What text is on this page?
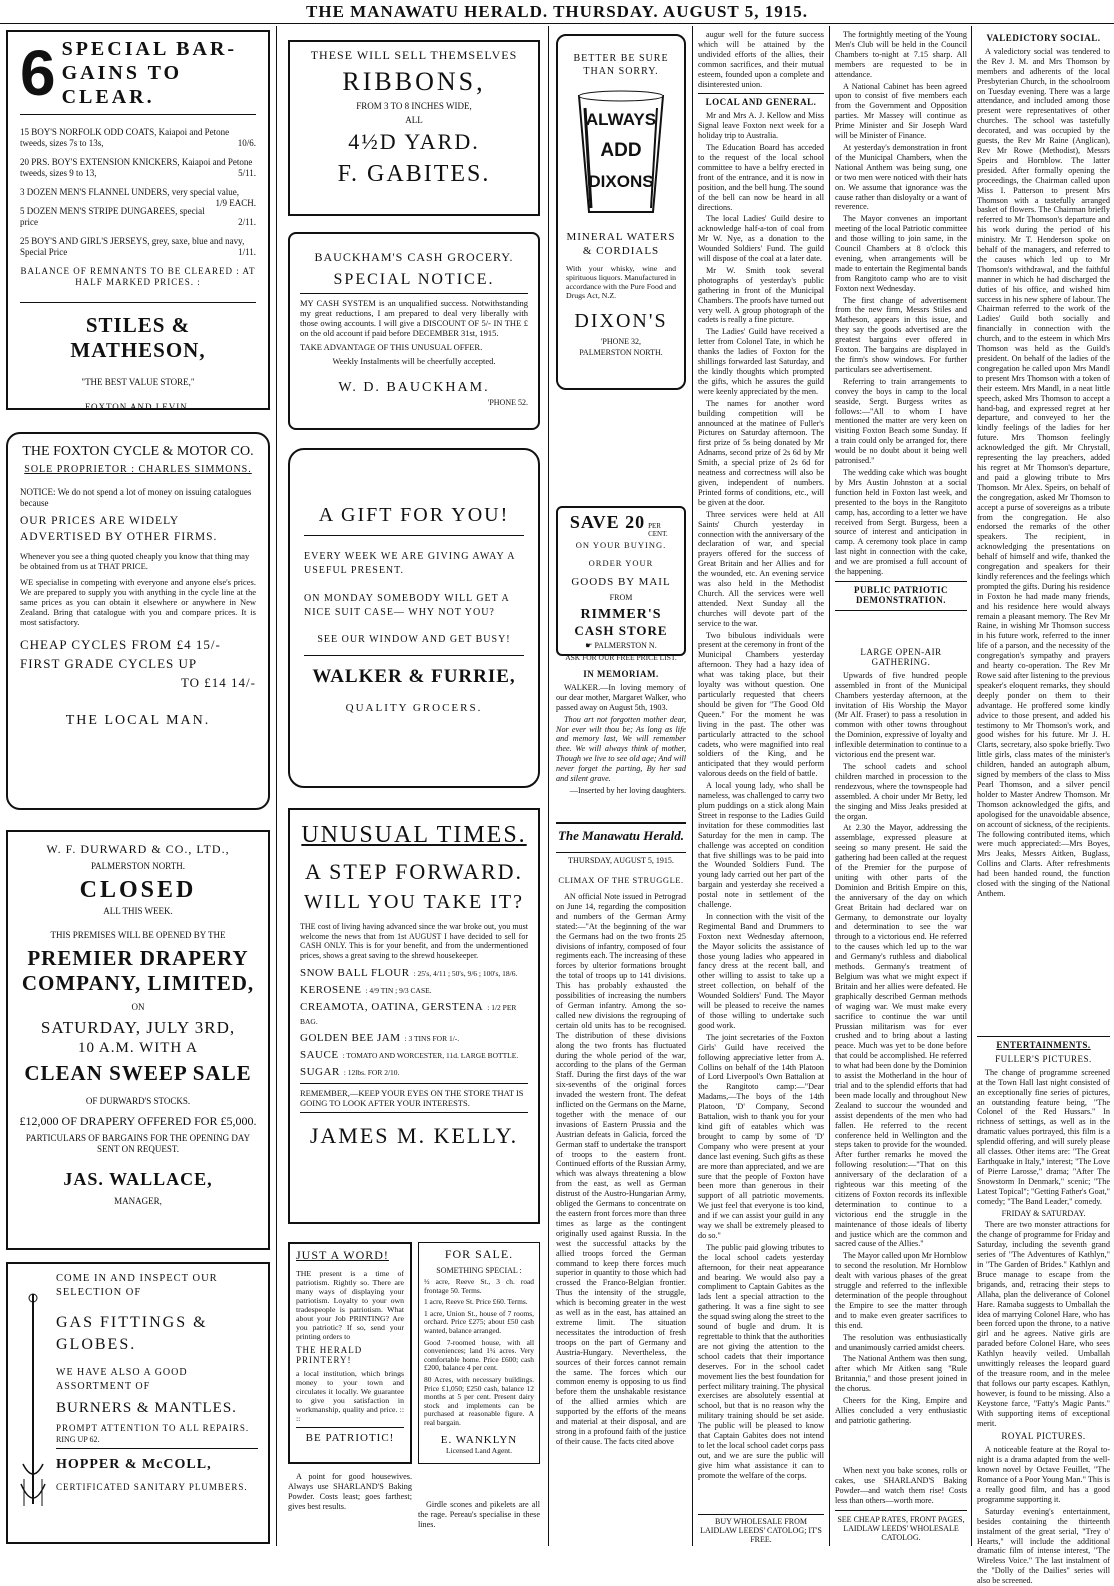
THE MANAWATU HERALD. THURSDAY. AUGUST 5, 1915.
6 SPECIAL BAR-GAINS TO CLEAR.
15 BOY'S NORFOLK ODD COATS, Kaiapoi and Petone tweeds, sizes 7s to 13s,	10/6.
20 PRS. BOY'S EXTENSION KNICKERS, Kaiapoi and Petone tweeds, sizes 9 to 13,	5/11.
3 DOZEN MEN'S FLANNEL UNDERS, very special value,
1/9 EACH.
5 DOZEN MEN'S STRIPE DUNGAREES, special price	2/11.
25 BOY'S AND GIRL'S JERSEYS, grey, saxe, blue and navy, Special Price	1/11.
BALANCE OF REMNANTS TO BE CLEARED : AT HALF MARKED PRICES. :
STILES & MATHESON,
"THE BEST VALUE STORE,"
FOXTON AND LEVIN.
THE FOXTON CYCLE & MOTOR CO.
SOLE PROPRIETOR : CHARLES SIMMONS.
NOTICE: We do not spend a lot of money on issuing catalogues because
OUR PRICES ARE WIDELY ADVERTISED BY OTHER FIRMS.
Whenever you see a thing quoted cheaply you know that thing may be obtained from us at THAT PRICE.
WE specialise in competing with everyone and anyone else's prices. We are prepared to supply you with anything in the cycle line at the same prices as you can obtain it elsewhere or anywhere in New Zealand. Bring that catalogue with you and compare prices. It is most satisfactory.
CHEAP CYCLES FROM £4 15/-
FIRST GRADE CYCLES UP
TO £14 14/-
THE LOCAL MAN.
W. F. DURWARD & CO., LTD.,
PALMERSTON NORTH.
CLOSED
ALL THIS WEEK.
THIS PREMISES WILL BE OPENED BY THE
PREMIER DRAPERY COMPANY, LIMITED,
ON
SATURDAY, JULY 3RD,
10 A.M. WITH A
CLEAN SWEEP SALE
OF DURWARD'S STOCKS.
£12,000 OF DRAPERY OFFERED FOR £5,000.
PARTICULARS OF BARGAINS FOR THE OPENING DAY SENT ON REQUEST.
JAS. WALLACE,
MANAGER,
COME IN AND INSPECT OUR SELECTION OF
GAS FITTINGS & GLOBES.
WE HAVE ALSO A GOOD ASSORTMENT OF
BURNERS & MANTLES.
PROMPT ATTENTION TO ALL REPAIRS.
RING UP 62.
HOPPER & McCOLL,
CERTIFICATED SANITARY PLUMBERS.
THESE WILL SELL THEMSELVES
RIBBONS,
FROM 3 TO 8 INCHES WIDE,
ALL
4½D YARD.
F. GABITES.
BAUCKHAM'S CASH GROCERY.
SPECIAL NOTICE.
MY CASH SYSTEM is an unqualified success. Notwithstanding my great reductions, I am prepared to deal very liberally with those owing accounts. I will give a DISCOUNT OF 5/- IN THE £ on the old account if paid before DECEMBER 31st, 1915.
TAKE ADVANTAGE OF THIS UNUSUAL OFFER.
Weekly Instalments will be cheerfully accepted.
W. D. BAUCKHAM.
'PHONE 52.
A GIFT FOR YOU!
EVERY WEEK WE ARE GIVING AWAY A USEFUL PRESENT.
ON MONDAY SOMEBODY WILL GET A NICE SUIT CASE— WHY NOT YOU?
SEE OUR WINDOW AND GET BUSY!
WALKER & FURRIE,
QUALITY GROCERS.
UNUSUAL TIMES.
A STEP FORWARD.
WILL YOU TAKE IT?
THE cost of living having advanced since the war broke out, you must welcome the news that from 1st AUGUST I have decided to sell for CASH ONLY. This is for your benefit, and from the undermentioned prices, shows a great saving to the shrewd housekeeper.
SNOW BALL FLOUR : 25's, 4/11 ; 50's, 9/6 ; 100's, 18/6.
KEROSENE : 4/9 TIN ; 9/3 CASE.
CREAMOTA, OATINA, GERSTENA : 1/2 PER BAG.
GOLDEN BEE JAM : 3 TINS FOR 1/-.
SAUCE : TOMATO AND WORCESTER, 11d. LARGE BOTTLE.
SUGAR : 12lbs. FOR 2/10.
REMEMBER,—KEEP YOUR EYES ON THE STORE THAT IS GOING TO LOOK AFTER YOUR INTERESTS.
JAMES M. KELLY.
JUST A WORD!
THE present is a time of patriotism. Rightly so. There are many ways of displaying your patriotism. Loyalty to your own tradespeople is patriotism. What about your Job PRINTING? Are you patriotic? If so, send your printing orders to
THE HERALD PRINTERY!
a local institution, which brings money to your town and circulates it locally. We guarantee to give you satisfaction in workmanship, quality and price. :: ::
BE PATRIOTIC!
FOR SALE.
SOMETHING SPECIAL :
½ acre, Reeve St., 3 ch. road frontage 50. Terms.
1 acre, Reeve St. Price £60. Terms.
1 acre, Union St., house of 7 rooms, orchard. Price £275; about £50 cash wanted, balance arranged.
Good 7-roomed house, with all conveniences; land 1¼ acres. Very comfortable home. Price £600; cash £200, balance 4 per cent.
80 Acres, with necessary buildings. Price £1,050; £250 cash, balance 12 months at 5 per cent. Present dairy stock and implements can be purchased at reasonable figure. A real bargain.
E. WANKLYN
Licensed Land Agent.

A point for good housewives. Always use SHARLAND'S Baking Powder. Costs least; goes farthest; gives best results.	Girdle scones and pikelets are all the rage. Pereau's specialise in these lines.

BETTER BE SURE THAN SORRY.
ALWAYS
ADD
DIXONS
MINERAL WATERS & CORDIALS
With your whisky, wine and spirituous liquors. Manufactured in accordance with the Pure Food and Drugs Act, N.Z.
DIXON'S
'PHONE 32,
PALMERSTON NORTH.
SAVE 20 PER CENT.
ON YOUR BUYING.
ORDER YOUR
GOODS BY MAIL
FROM
RIMMER'S
CASH STORE
☛ PALMERSTON N.
ASK FOR OUR FREE PRICE LIST.
IN MEMORIAM.

WALKER.—In loving memory of our dear mother, Margaret Walker, who passed away on August 5th, 1903.

Thou art not forgotten mother dear, Nor ever wilt thou be; As long as life and memory last, We will remember thee. We will always think of mother, Though we live to see old age; And will never forget the parting, By her sad and silent grave.

—Inserted by her loving daughters.

The Manawatu Herald.
THURSDAY, AUGUST 5, 1915.
CLIMAX OF THE STRUGGLE.

AN official Note issued in Petrograd on June 14, regarding the composition and numbers of the German Army stated:—"At the beginning of the war the Germans had on the two fronts 25 divisions of infantry, composed of four regiments each. The increasing of these forces by ulterior formations brought the total of troops up to 141 divisions. This has probably exhausted the possibilities of increasing the numbers of German infantry. Among the so-called new divisions the regrouping of certain old units has to be recognised. The distribution of these divisions along the two fronts has fluctuated during the whole period of the war, according to the plans of the German Staff. During the first days of the war six-sevenths of the original forces invaded the western front. The defeat inflicted on the Germans on the Marne, together with the menace of our invasions of Eastern Prussia and the Austrian defeats in Galicia, forced the German staff to undertake the transport of troops to the eastern front. Continued efforts of the Russian Army, which was always threatening a blow from the east, as well as German distrust of the Austro-Hungarian Army, obliged the Germans to concentrate on the eastern front forces more than three times as large as the contingent originally used against Russia. In the west the successful attacks by the allied troops forced the German command to keep there forces much superior in quantity to those which had crossed the Franco-Belgian frontier. Thus the intensity of the struggle, which is becoming greater in the west as well as in the east, has attained an extreme limit. The situation necessitates the introduction of fresh troops on the part of Germany and Austria-Hungary. Nevertheless, the sources of their forces cannot remain the same. The forces which our common enemy is opposing to us find before them the unshakable resistance of the allied armies which are supported by the efforts of the means and material at their disposal, and are strong in a profound faith of the justice of their cause. The facts cited above

augur well for the future success which will be attained by the undivided efforts of the allies, their common sacrifices, and their mutual esteem, founded upon a complete and disinterested union.

LOCAL AND GENERAL.

Mr and Mrs A. J. Kellow and Miss Signal leave Foxton next week for a holiday trip to Australia.

The Education Board has acceded to the request of the local school committee to have a belfry erected in front of the entrance, and it is now in position, and the bell hung. The sound of the bell can now be heard in all directions.

The local Ladies' Guild desire to acknowledge half-a-ton of coal from Mr W. Nye, as a donation to the Wounded Soldiers' Fund. The guild will dispose of the coal at a later date.

Mr W. Smith took several photographs of yesterday's public gathering in front of the Municipal Chambers. The proofs have turned out very well. A group photograph of the cadets is really a fine picture.

The Ladies' Guild have received a letter from Colonel Tate, in which he thanks the ladies of Foxton for the shillings forwarded last Saturday, and the kindly thoughts which prompted the gifts, which he assures the guild were keenly appreciated by the men.

The names for another word building competition will be announced at the matinee of Fuller's Pictures on Saturday afternoon. The first prize of 5s being donated by Mr Adnams, second prize of 2s 6d by Mr Smith, a special prize of 2s 6d for neatness and correctness will also be given, independent of numbers. Printed forms of conditions, etc., will be given at the door.

Three services were held at All Saints' Church yesterday in connection with the anniversary of the declaration of war, and special prayers offered for the success of Great Britain and her Allies and for the wounded, etc. An evening service was also held in the Methodist Church. All the services were well attended. Next Sunday all the churches will devote part of the service to the war.

Two bibulous individuals were present at the ceremony in front of the Municipal Chambers yesterday afternoon. They had a hazy idea of what was taking place, but their loyalty was without question. One particularly requested that cheers should be given for "The Good Old Queen." For the moment he was living in the past. The other was particularly attracted to the school cadets, who were magnified into real soldiers of the King, and he anticipated that they would perform valorous deeds on the field of battle.

A local young lady, who shall be nameless, was challenged to carry two plum puddings on a stick along Main Street in response to the Ladies Guild invitation for these commodities last Saturday for the men in camp. The challenge was accepted on condition that five shillings was to be paid into the Wounded Soldiers Fund. The young lady carried out her part of the bargain and yesterday she received a postal note in settlement of the challenge.

In connection with the visit of the Regimental Band and Drummers to Foxton next Wednesday afternoon, the Mayor solicits the assistance of those young ladies who appeared in fancy dress at the recent ball, and other willing to assist to take up a street collection, on behalf of the Wounded Soldiers' Fund. The Mayor will be pleased to receive the names of those willing to undertake such good work.

The joint secretaries of the Foxton Girls' Guild have received the following appreciative letter from A. Collins on behalf of the 14th Platoon of Lord Liverpool's Own Battalion at the Rangitoto camp:—"Dear Madams,—The boys of the 14th Platoon, 'D' Company, Second Battalion, wish to thank you for your kind gift of eatables which was brought to camp by some of 'D' Company who were present at your dance last evening. Such gifts as these are more than appreciated, and we are sure that the people of Foxton have been more than generous in their support of all patriotic movements. We just feel that everyone is too kind, and if we can assist your guild in any way we shall be extremely pleased to do so."

The public paid glowing tributes to the local school cadets yesterday afternoon, for their neat appearance and bearing. We would also pay a compliment to Captain Gabites as the lads lent a special attraction to the gathering. It was a fine sight to see the squad swing along the street to the sound of bugle and drum. It is regrettable to think that the authorities are not giving the attention to the school cadets that their importance deserves. For in the school cadet movement lies the best foundation for perfect military training. The physical exercises are absolutely essential at school, but that is no reason why the military training should be set aside. The public will be pleased to know that Captain Gabites does not intend to let the local school cadet corps pass out, and we are sure the public will give him what assistance it can to promote the welfare of the corps.

BUY WHOLESALE FROM LAIDLAW LEEDS' CATOLOG; IT'S FREE.

The fortnightly meeting of the Young Men's Club will be held in the Council Chambers to-night at 7.15 sharp. All members are requested to be in attendance.

A National Cabinet has been agreed upon to consist of five members each from the Government and Opposition parties. Mr Massey will continue as Prime Minister and Sir Joseph Ward will be Minister of Finance.

At yesterday's demonstration in front of the Municipal Chambers, when the National Anthem was being sung, one or two men were noticed with their hats on. We assume that ignorance was the cause rather than disloyalty or a want of reverence.

The Mayor convenes an important meeting of the local Patriotic committee and those willing to join same, in the Council Chambers at 8 o'clock this evening, when arrangements will be made to entertain the Regimental bands from Rangitoto camp who are to visit Foxton next Wednesday.

The first change of advertisement from the new firm, Messrs Stiles and Matheson, appears in this issue, and they say the goods advertised are the greatest bargains ever offered in Foxton. The bargains are displayed in the firm's show windows. For further particulars see advertisement.

Referring to train arrangements to convey the boys in camp to the local seaside, Sergt. Burgess writes as follows:—"All to whom I have mentioned the matter are very keen on visiting Foxton Beach some Sunday. If a train could only be arranged for, there would be no doubt about it being well patronised."

The wedding cake which was bought by Mrs Austin Johnston at a social function held in Foxton last week, and presented to the boys in the Rangitoto camp, has, according to a letter we have received from Sergt. Burgess, been a source of interest and anticipation in camp. A ceremony took place in camp last night in connection with the cake, and we are promised a full account of the happening.

PUBLIC PATRIOTIC DEMONSTRATION.
LARGE OPEN-AIR GATHERING.

Upwards of five hundred people assembled in front of the Municipal Chambers yesterday afternoon, at the invitation of His Worship the Mayor (Mr Alf. Fraser) to pass a resolution in common with other towns throughout the Dominion, expressive of loyalty and inflexible determination to continue to a victorious end the present war.

The school cadets and school children marched in procession to the rendezvous, where the townspeople had assembled. A choir under Mr Betty, led the singing and Miss Jeaks presided at the organ.

At 2.30 the Mayor, addressing the assemblage, expressed pleasure at seeing so many present. He said the gathering had been called at the request of the Premier for the purpose of uniting with other parts of the Dominion and British Empire on this, the anniversary of the day on which Great Britain had declared war on Germany, to demonstrate our loyalty and determination to see the war through to a victorious end. He referred to the causes which led up to the war and Germany's ruthless and diabolical methods. Germany's treatment of Belgium was what we might expect if Britain and her allies were defeated. He graphically described German methods of waging war. We must make every sacrifice to continue the war until Prussian militarism was for ever crushed and to bring about a lasting peace. Much was yet to be done before that could be accomplished. He referred to what had been done by the Dominion to assist the Motherland in the hour of trial and to the splendid efforts that had been made locally and throughout New Zealand to succour the wounded and assist dependents of the men who had fallen. He referred to the recent conference held in Wellington and the steps taken to provide for the wounded. After further remarks he moved the following resolution:—"That on this anniversary of the declaration of a righteous war this meeting of the citizens of Foxton records its inflexible determination to continue to a victorious end the struggle in the maintenance of those ideals of liberty and justice which are the common and sacred cause of the Allies."

The Mayor called upon Mr Hornblow to second the resolution. Mr Hornblow dealt with various phases of the great struggle and referred to the inflexible determination of the people throughout the Empire to see the matter through and to make even greater sacrifices to this end.

The resolution was enthusiastically and unanimously carried amidst cheers.

The National Anthem was then sung, after which Mr Aitken sang "Rule Britannia," and those present joined in the chorus.

Cheers for the King, Empire and Allies concluded a very enthusiastic and patriotic gathering.

When next you bake scones, rolls or cakes, use SHARLAND'S Baking Powder—and watch them rise! Costs less than others—worth more.

SEE CHEAP RATES, FRONT PAGES, LAIDLAW LEEDS' WHOLESALE CATOLOG.
VALEDICTORY SOCIAL.

A valedictory social was tendered to the Rev J. M. and Mrs Thomson by members and adherents of the local Presbyterian Church, in the schoolroom on Tuesday evening. There was a large attendance, and included among those present were representatives of other churches. The school was tastefully decorated, and was occupied by the guests, the Rev Mr Raine (Anglican), Rev Mr Rowe (Methodist), Messrs Speirs and Hornblow. The latter presided. After formally opening the proceedings, the Chairman called upon Miss I. Patterson to present Mrs Thomson with a tastefully arranged basket of flowers. The Chairman briefly referred to Mr Thomson's departure and his work during the period of his ministry. Mr T. Henderson spoke on behalf of the managers, and referred to the causes which led up to Mr Thomson's withdrawal, and the faithful manner in which he had discharged the duties of his office, and wished him success in his new sphere of labour. The Chairman referred to the work of the Ladies' Guild both socially and financially in connection with the church, and to the esteem in which Mrs Thomson was held as the Guild's president. On behalf of the ladies of the congregation he called upon Mrs Mandl to present Mrs Thomson with a token of their esteem. Mrs Mandl, in a neat little speech, asked Mrs Thomson to accept a hand-bag, and expressed regret at her departure, and conveyed to her the kindly feelings of the ladies for her future. Mrs Thomson feelingly acknowledged the gift. Mr Chrystall, representing the lay preachers, added his regret at Mr Thomson's departure, and paid a glowing tribute to Mrs Thomson. Mr Alex. Speirs, on behalf of the congregation, asked Mr Thomson to accept a purse of sovereigns as a tribute from the congregation. He also endorsed the remarks of the other speakers. The recipient, in acknowledging the presentations on behalf of himself and wife, thanked the congregation and speakers for their kindly references and the feelings which prompted the gifts. During his residence in Foxton he had made many friends, and his residence here would always remain a pleasant memory. The Rev Mr Raine, in wishing Mr Thomson success in his future work, referred to the inner life of a parson, and the necessity of the congregation's sympathy and prayers and hearty co-operation. The Rev Mr Rowe said after listening to the previous speaker's eloquent remarks, they should deeply ponder on them to their advantage. He proffered some kindly advice to those present, and added his testimony to Mr Thomson's work, and good wishes for his future. Mr J. H. Clarts, secretary, also spoke briefly. Two little girls, class mates of the minister's children, handed an autograph album, signed by members of the class to Miss Pearl Thomson, and a silver pencil holder to Master Andrew Thomson. Mr Thomson acknowledged the gifts, and apologised for the unavoidable absence, on account of sickness, of the recipients. The following contributed items, which were much appreciated:—Mrs Boyes, Mrs Jeaks, Messrs Aitken, Buglass, Collins and Clarts. After refreshments had been handed round, the function closed with the singing of the National Anthem.

ENTERTAINMENTS.
FULLER'S PICTURES.

The change of programme screened at the Town Hall last night consisted of an exceptionally fine series of pictures, an outstanding feature being, "The Colonel of the Red Hussars." In richness of settings, as well as in the dramatic values portrayed, this film is a splendid offering, and will surely please all classes. Other items are: "The Great Earthquake in Italy," interest; "The Love of Pierre Larosse," drama; "After The Snowstorm In Denmark," scenic; "The Latest Topical"; "Getting Father's Goat," comedy; "The Band Leader," comedy.

FRIDAY & SATURDAY.

There are two monster attractions for the change of programme for Friday and Saturday, including the seventh grand series of "The Adventures of Kathlyn," in "The Garden of Brides." Kathlyn and Bruce manage to escape from the brigands, and, retracing their steps to Allaha, plan the deliverance of Colonel Hare. Ramaba suggests to Umballah the idea of marrying Colonel Hare, who has been forced upon the throne, to a native girl and he agrees. Native girls are paraded before Colonel Hare, who sees Kathlyn heavily veiled. Umballah unwittingly releases the leopard guard of the treasure room, and in the melee that follows our party escapes. Kathlyn, however, is found to be missing. Also a Keystone farce, "Fatty's Magic Pants." With supporting items of exceptional merit.

ROYAL PICTURES.

A noticeable feature at the Royal to-night is a drama adapted from the well-known novel by Octave Feuillet, "The Romance of a Poor Young Man." This is a really good film, and has a good programme supporting it.

Saturday evening's entertainment, besides containing the thirteenth instalment of the great serial, "Trey o' Hearts," will include the additional dramatic film of intense interest, "The Wireless Voice." The last instalment of the "Dolly of the Dailies" series will also be screened.
